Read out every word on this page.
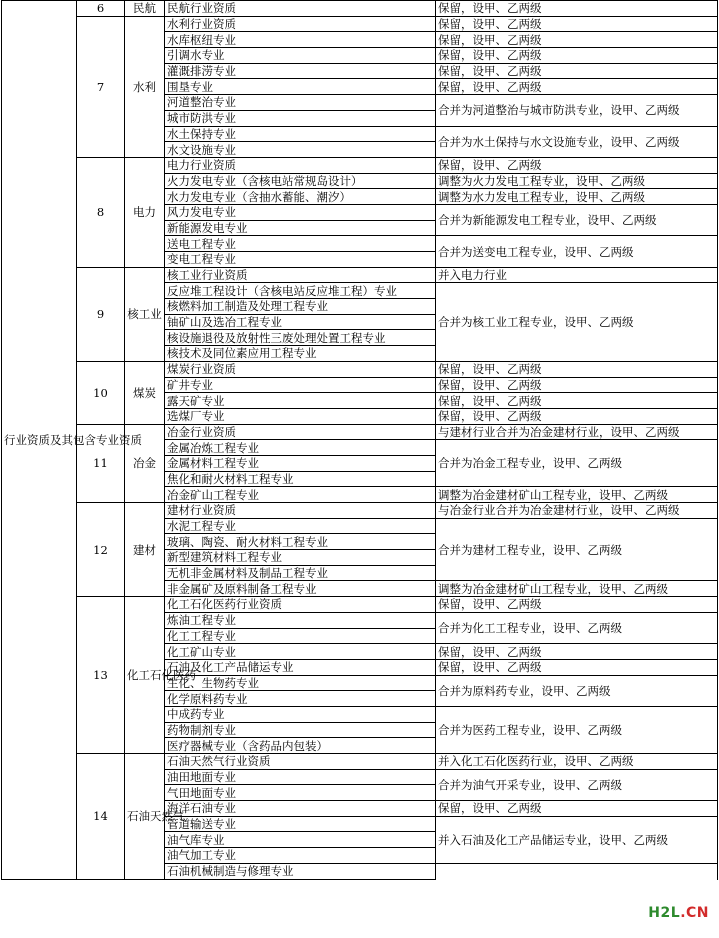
行业资质及其包含专业资质	6	民航	民航行业资质	保留，设甲、乙两级	
	7	水利	水利行业资质	保留，设甲、乙两级	
			水库枢纽专业	保留，设甲、乙两级	
			引调水专业	保留，设甲、乙两级	
			灌溉排涝专业	保留，设甲、乙两级	
			围垦专业	保留，设甲、乙两级	
			河道整治专业	合并为河道整治与城市防洪专业，设甲、乙两级	
			城市防洪专业		
			水土保持专业	合并为水土保持与水文设施专业，设甲、乙两级	
			水文设施专业		
	8	电力	电力行业资质	保留，设甲、乙两级	
			火力发电专业（含核电站常规岛设计）	调整为火力发电工程专业，设甲、乙两级	
			水力发电专业（含抽水蓄能、潮汐）	调整为水力发电工程专业，设甲、乙两级	
			风力发电专业	合并为新能源发电工程专业，设甲、乙两级	
			新能源发电专业		
			送电工程专业	合并为送变电工程专业，设甲、乙两级	
			变电工程专业		
	9	核工业	核工业行业资质	并入电力行业	
			反应堆工程设计（含核电站反应堆工程）专业	合并为核工业工程专业，设甲、乙两级	
			核燃料加工制造及处理工程专业		
			铀矿山及选冶工程专业		
			核设施退役及放射性三废处理处置工程专业		
			核技术及同位素应用工程专业		
	10	煤炭	煤炭行业资质	保留，设甲、乙两级	
			矿井专业	保留，设甲、乙两级	
			露天矿专业	保留，设甲、乙两级	
			选煤厂专业	保留，设甲、乙两级	
	11	冶金	冶金行业资质	与建材行业合并为冶金建材行业，设甲、乙两级	
			金属冶炼工程专业	合并为冶金工程专业，设甲、乙两级	
			金属材料工程专业		
			焦化和耐火材料工程专业		
			冶金矿山工程专业	调整为冶金建材矿山工程专业，设甲、乙两级	
	12	建材	建材行业资质	与冶金行业合并为冶金建材行业，设甲、乙两级	
			水泥工程专业	合并为建材工程专业，设甲、乙两级	
			玻璃、陶瓷、耐火材料工程专业		
			新型建筑材料工程专业		
			无机非金属材料及制品工程专业		
			非金属矿及原料制备工程专业	调整为冶金建材矿山工程专业，设甲、乙两级	
	13	化工石化医药	化工石化医药行业资质	保留，设甲、乙两级	
			炼油工程专业	合并为化工工程专业，设甲、乙两级	
			化工工程专业		
			化工矿山专业	保留，设甲、乙两级	
			石油及化工产品储运专业	保留，设甲、乙两级	
			生化、生物药专业	合并为原料药专业，设甲、乙两级	
			化学原料药专业		
			中成药专业	合并为医药工程专业，设甲、乙两级	
			药物制剂专业		
			医疗器械专业（含药品内包装）		
	14	石油天然气	石油天然气行业资质	并入化工石化医药行业，设甲、乙两级	
			油田地面专业	合并为油气开采专业，设甲、乙两级	
			气田地面专业		
			海洋石油专业	保留，设甲、乙两级	
			管道输送专业	并入石油及化工产品储运专业，设甲、乙两级	
			油气库专业		
			油气加工专业	
			石油机械制造与修理专业		
H2L.CN
